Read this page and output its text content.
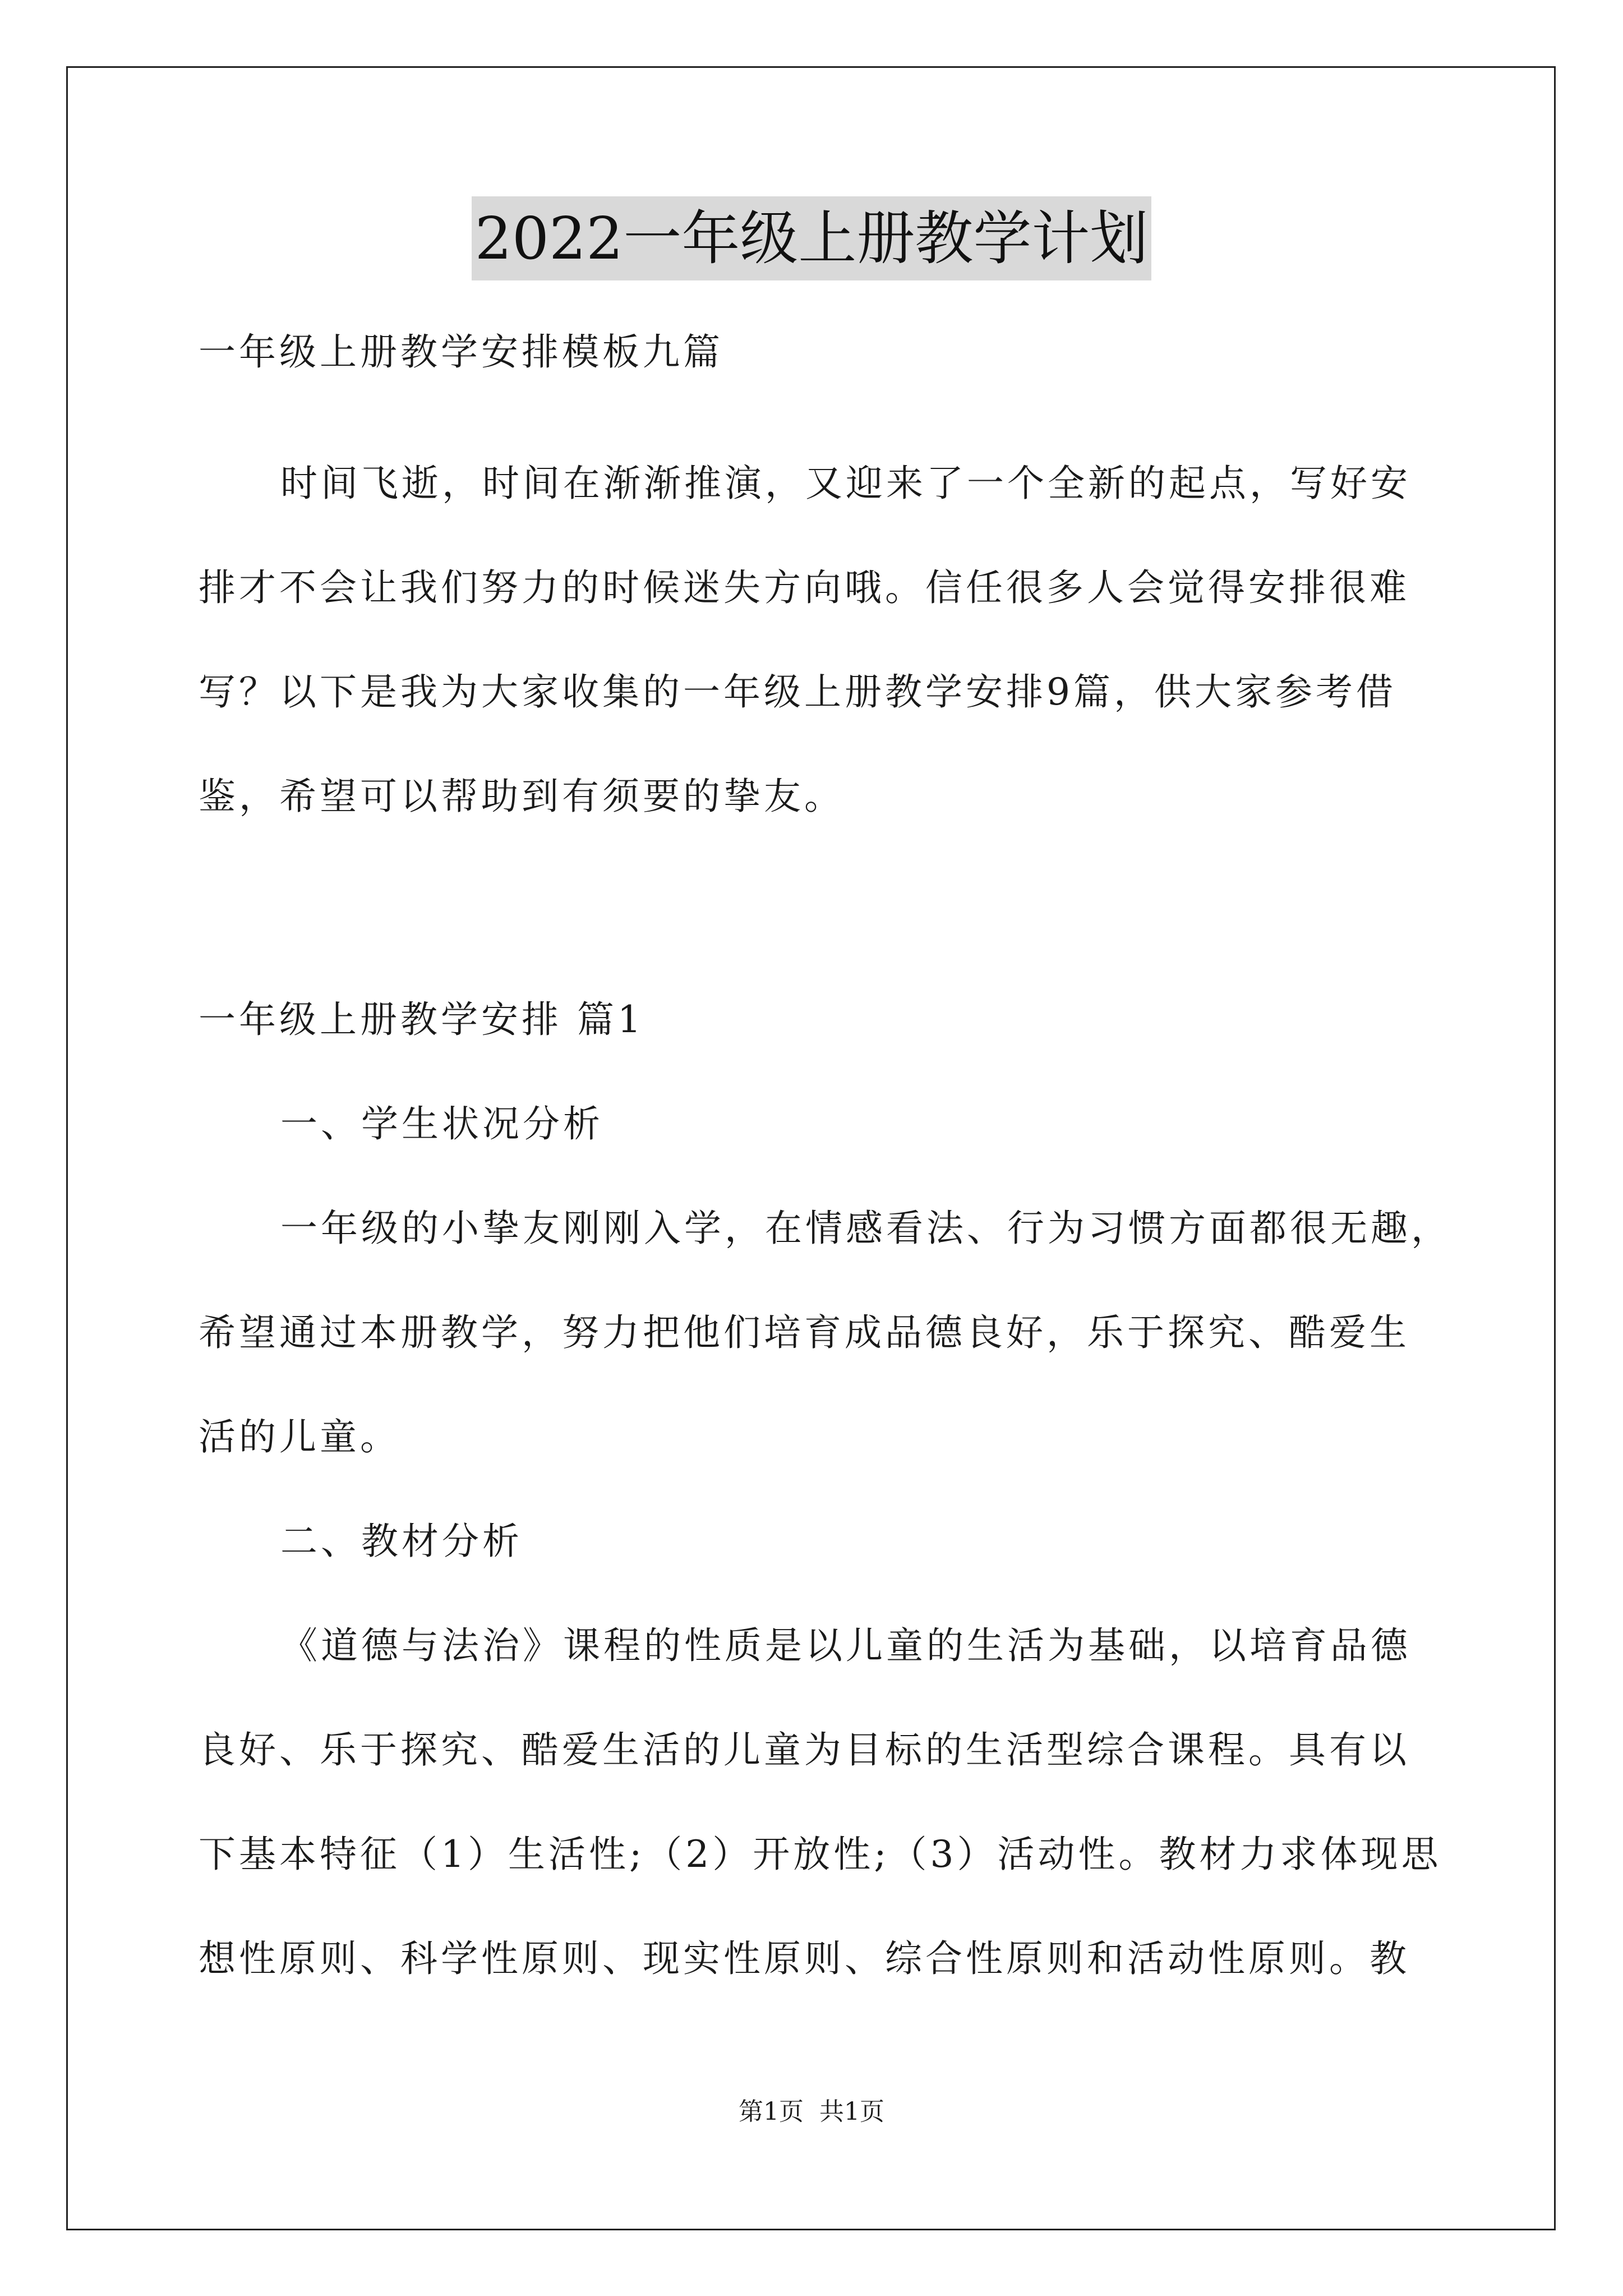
2022一年级上册教学计划
一年级上册教学安排模板九篇
时间飞逝，时间在渐渐推演，又迎来了一个全新的起点，写好安
排才不会让我们努力的时候迷失方向哦。信任很多人会觉得安排很难
写？以下是我为大家收集的一年级上册教学安排9篇，供大家参考借
鉴，希望可以帮助到有须要的挚友。
一年级上册教学安排 篇1
一、学生状况分析
一年级的小挚友刚刚入学，在情感看法、行为习惯方面都很无趣，
希望通过本册教学，努力把他们培育成品德良好，乐于探究、酷爱生
活的儿童。
二、教材分析
《道德与法治》课程的性质是以儿童的生活为基础，以培育品德
良好、乐于探究、酷爱生活的儿童为目标的生活型综合课程。具有以
下基本特征（1）生活性;（2）开放性;（3）活动性。教材力求体现思
想性原则、科学性原则、现实性原则、综合性原则和活动性原则。教
第1页 共1页
